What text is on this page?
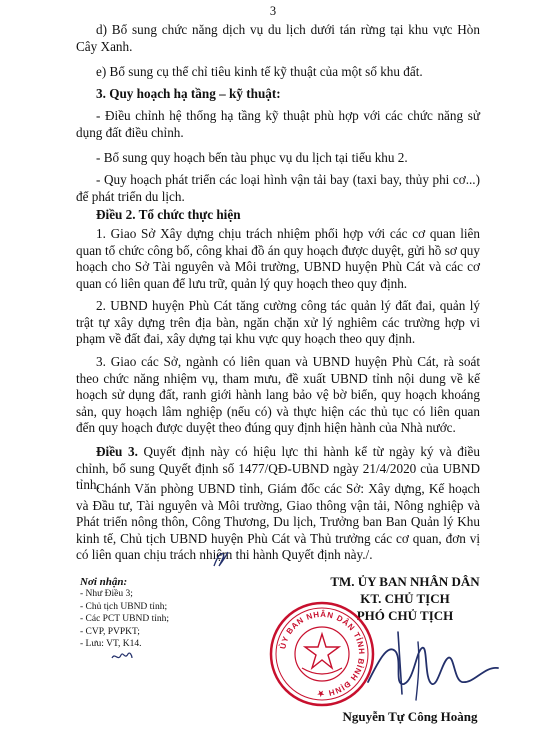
3

d) Bổ sung chức năng dịch vụ du lịch dưới tán rừng tại khu vực Hòn Cây Xanh.

e) Bổ sung cụ thể chỉ tiêu kinh tế kỹ thuật của một số khu đất.

3. Quy hoạch hạ tầng – kỹ thuật:

- Điều chỉnh hệ thống hạ tầng kỹ thuật phù hợp với các chức năng sử dụng đất điều chỉnh.

- Bổ sung quy hoạch bến tàu phục vụ du lịch tại tiểu khu 2.

- Quy hoạch phát triển các loại hình vận tải bay (taxi bay, thủy phi cơ...) để phát triển du lịch.

Điều 2. Tổ chức thực hiện

1. Giao Sở Xây dựng chịu trách nhiệm phối hợp với các cơ quan liên quan tổ chức công bố, công khai đồ án quy hoạch được duyệt, gửi hồ sơ quy hoạch cho Sở Tài nguyên và Môi trường, UBND huyện Phù Cát và các cơ quan có liên quan để lưu trữ, quản lý quy hoạch theo quy định.

2. UBND huyện Phù Cát tăng cường công tác quản lý đất đai, quản lý trật tự xây dựng trên địa bàn, ngăn chặn xử lý nghiêm các trường hợp vi phạm về đất đai, xây dựng tại khu vực quy hoạch theo quy định.

3. Giao các Sở, ngành có liên quan và UBND huyện Phù Cát, rà soát theo chức năng nhiệm vụ, tham mưu, đề xuất UBND tỉnh nội dung về kế hoạch sử dụng đất, ranh giới hành lang bảo vệ bờ biển, quy hoạch khoáng sản, quy hoạch lâm nghiệp (nếu có) và thực hiện các thủ tục có liên quan đến quy hoạch được duyệt theo đúng quy định hiện hành của Nhà nước.

Điều 3. Quyết định này có hiệu lực thi hành kể từ ngày ký và điều chỉnh, bổ sung Quyết định số 1477/QĐ-UBND ngày 21/4/2020 của UBND tỉnh.

Chánh Văn phòng UBND tỉnh, Giám đốc các Sở: Xây dựng, Kế hoạch và Đầu tư, Tài nguyên và Môi trường, Giao thông vận tải, Nông nghiệp và Phát triển nông thôn, Công Thương, Du lịch, Trưởng ban Ban Quản lý Khu kinh tế, Chủ tịch UBND huyện Phù Cát và Thủ trưởng các cơ quan, đơn vị có liên quan chịu trách nhiệm thi hành Quyết định này./.

Nơi nhận:
- Như Điều 3;
- Chủ tịch UBND tỉnh;
- Các PCT UBND tỉnh;
- CVP, PVPKT;
- Lưu: VT, K14.
TM. ỦY BAN NHÂN DÂN
KT. CHỦ TỊCH
PHÓ CHỦ TỊCH
ỦY BAN NHÂN DÂN TỈNH BÌNH ĐỊNH ★
Nguyễn Tự Công Hoàng
